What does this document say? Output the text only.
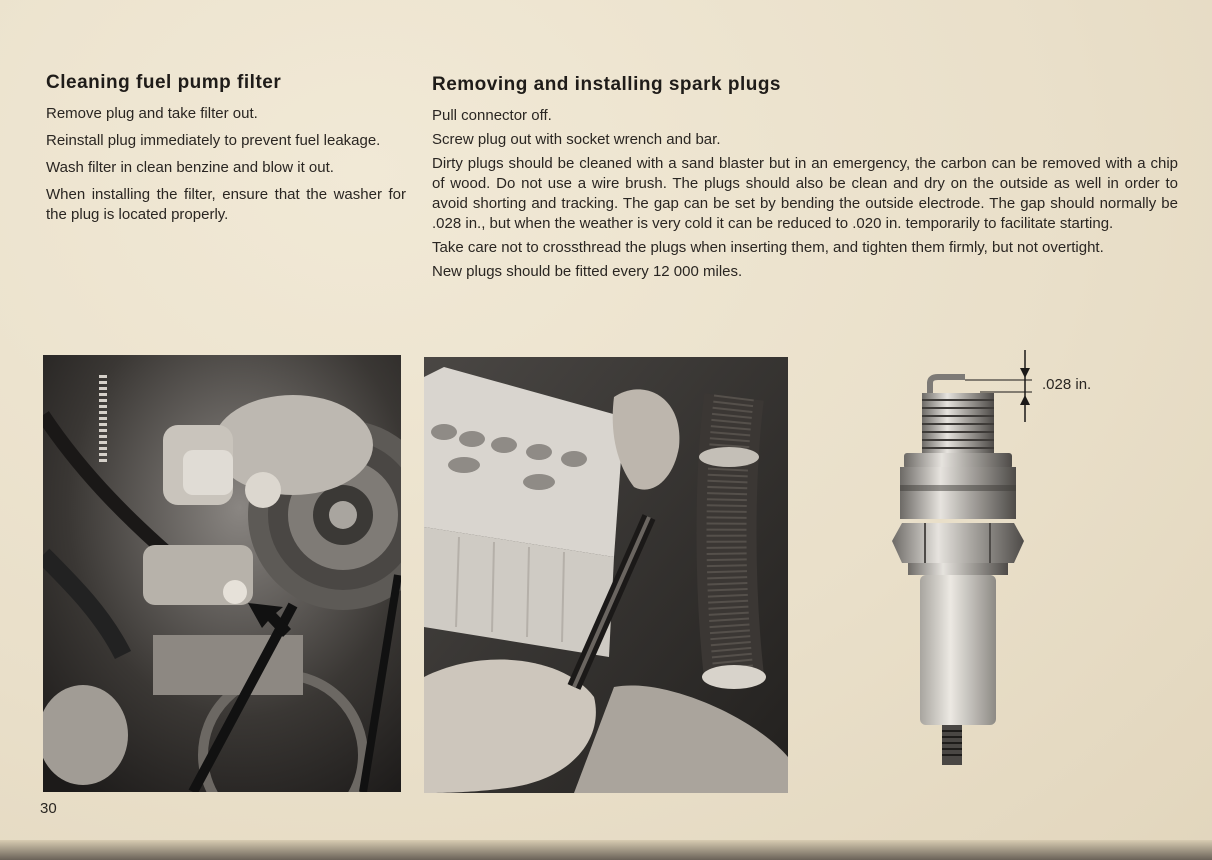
Cleaning fuel pump filter

Remove plug and take filter out.

Reinstall plug immediately to prevent fuel leakage.

Wash filter in clean benzine and blow it out.

When installing the filter, ensure that the washer for the plug is located properly.

Removing and installing spark plugs

Pull connector off.

Screw plug out with socket wrench and bar.

Dirty plugs should be cleaned with a sand blaster but in an emergency, the carbon can be removed with a chip of wood. Do not use a wire brush. The plugs should also be clean and dry on the outside as well in order to avoid shorting and tracking. The gap can be set by bending the outside electrode. The gap should normally be .028 in., but when the weather is very cold it can be reduced to .020 in. temporarily to facilitate starting.

Take care not to crossthread the plugs when inserting them, and tighten them firmly, but not overtight.

New plugs should be fitted every 12 000 miles.

.028 in.
30
